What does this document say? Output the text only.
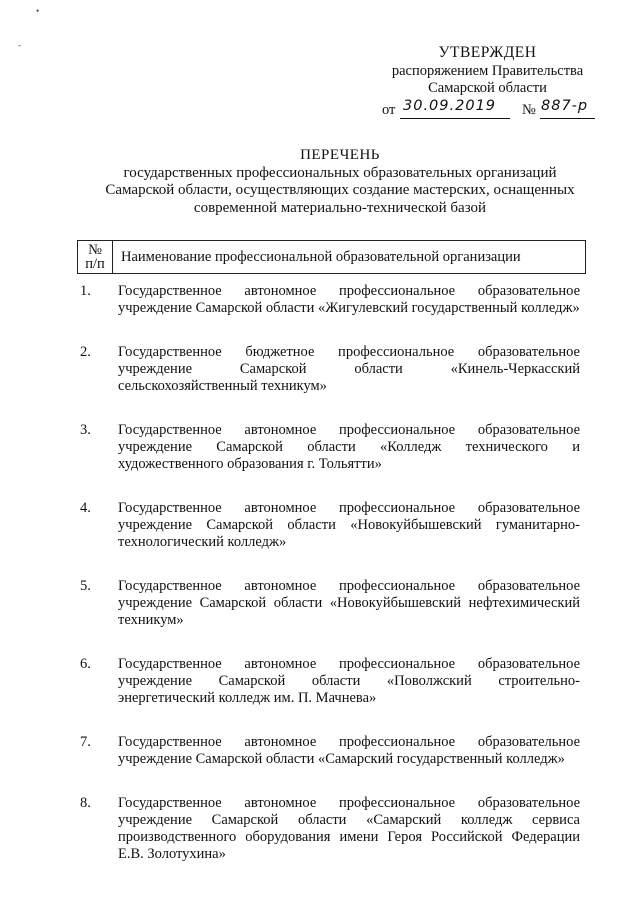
•
-	УТВЕРЖДЕН
распоряжением Правительства
Самарской области
от 30.09.2019 № 887-р
ПЕРЕЧЕНЬ
государственных профессиональных образовательных организаций
Самарской области, осуществляющих создание мастерских, оснащенных
современной материально-технической базой
№
п/п	Наименование профессиональной образовательной организации
1.	Государственное автономное профессиональное образовательное учреждение Самарской области «Жигулевский государственный колледж»
2.	Государственное бюджетное профессиональное образовательное учреждение Самарской области «Кинель-Черкасский сельскохозяйственный техникум»
3.	Государственное автономное профессиональное образовательное учреждение Самарской области «Колледж технического и художественного образования г. Тольятти»
4.	Государственное автономное профессиональное образовательное учреждение Самарской области «Новокуйбышевский гуманитарно-технологический колледж»
5.	Государственное автономное профессиональное образовательное учреждение Самарской области «Новокуйбышевский нефтехимический техникум»
6.	Государственное автономное профессиональное образовательное учреждение Самарской области «Поволжский строительно-энергетический колледж им. П. Мачнева»
7.	Государственное автономное профессиональное образовательное учреждение Самарской области «Самарский государственный колледж»
8.	Государственное автономное профессиональное образовательное учреждение Самарской области «Самарский колледж сервиса производственного оборудования имени Героя Российской Федерации Е.В. Золотухина»
